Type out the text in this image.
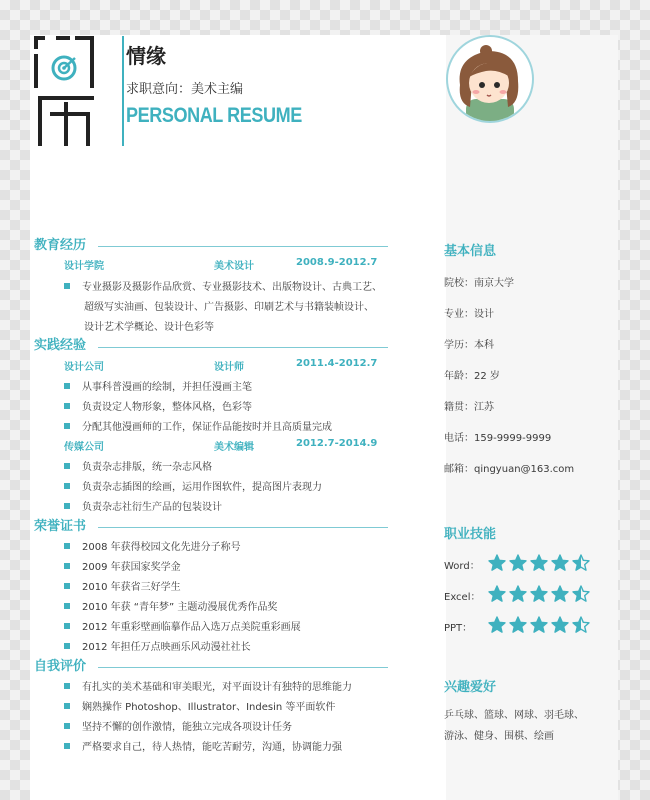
情缘
求职意向：美术主编
PERSONAL RESUME
教育经历
设计学院	美术设计	2008.9-2012.7
专业摄影及摄影作品欣赏、专业摄影技术、出版物设计、古典工艺、
超级写实油画、包装设计、广告摄影、印刷艺术与书籍装帧设计、
设计艺术学概论、设计色彩等
实践经验
设计公司	设计师	2011.4-2012.7
从事科普漫画的绘制，并担任漫画主笔
负责设定人物形象，整体风格，色彩等
分配其他漫画师的工作，保证作品能按时并且高质量完成
传媒公司	美术编辑	2012.7-2014.9
负责杂志排版，统一杂志风格
负责杂志插图的绘画，运用作图软件，提高图片表现力
负责杂志社衍生产品的包装设计
荣誉证书
2008 年获得校园文化先进分子称号
2009 年获国家奖学金
2010 年获省三好学生
2010 年获 “青年梦” 主题动漫展优秀作品奖
2012 年重彩壁画临摹作品入选万点美院重彩画展
2012 年担任万点映画乐风动漫社社长
自我评价
有扎实的美术基础和审美眼光，对平面设计有独特的思维能力
娴熟操作 Photoshop、Illustrator、Indesin 等平面软件
坚持不懈的创作激情，能独立完成各项设计任务
严格要求自己，待人热情，能吃苦耐劳，沟通，协调能力强
基本信息
院校：南京大学
专业：设计
学历：本科
年龄：22 岁
籍贯：江苏
电话：159-9999-9999
邮箱：qingyuan@163.com
职业技能
Word：
Excel：
PPT：
兴趣爱好
乒乓球、篮球、网球、羽毛球、
游泳、健身、围棋、绘画
